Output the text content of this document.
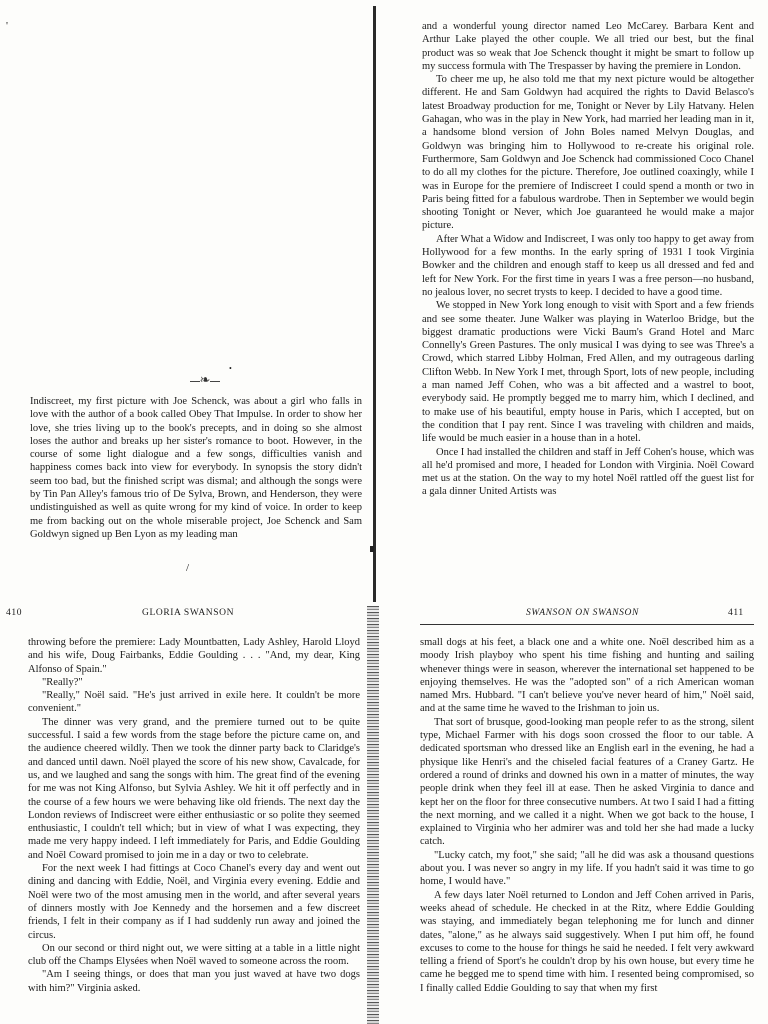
'
•
❧

Indiscreet, my first picture with Joe Schenck, was about a girl who falls in love with the author of a book called Obey That Impulse. In order to show her love, she tries living up to the book's precepts, and in doing so she almost loses the author and breaks up her sister's romance to boot. However, in the course of some light dialogue and a few songs, difficulties vanish and happiness comes back into view for everybody. In synopsis the story didn't seem too bad, but the finished script was dismal; and although the songs were by Tin Pan Alley's famous trio of De Sylva, Brown, and Henderson, they were undistinguished as well as quite wrong for my kind of voice. In order to keep me from backing out on the whole miserable project, Joe Schenck and Sam Goldwyn signed up Ben Lyon as my leading man

/

and a wonderful young director named Leo McCarey. Barbara Kent and Arthur Lake played the other couple. We all tried our best, but the final product was so weak that Joe Schenck thought it might be smart to follow up my success formula with The Trespasser by having the premiere in London.

To cheer me up, he also told me that my next picture would be altogether different. He and Sam Goldwyn had acquired the rights to David Belasco's latest Broadway production for me, Tonight or Never by Lily Hatvany. Helen Gahagan, who was in the play in New York, had married her leading man in it, a handsome blond version of John Boles named Melvyn Douglas, and Goldwyn was bringing him to Hollywood to re-create his original role. Furthermore, Sam Goldwyn and Joe Schenck had commissioned Coco Chanel to do all my clothes for the picture. Therefore, Joe outlined coaxingly, while I was in Europe for the premiere of Indiscreet I could spend a month or two in Paris being fitted for a fabulous wardrobe. Then in September we would begin shooting Tonight or Never, which Joe guaranteed he would make a major picture.

After What a Widow and Indiscreet, I was only too happy to get away from Hollywood for a few months. In the early spring of 1931 I took Virginia Bowker and the children and enough staff to keep us all dressed and fed and left for New York. For the first time in years I was a free person—no husband, no jealous lover, no secret trysts to keep. I decided to have a good time.

We stopped in New York long enough to visit with Sport and a few friends and see some theater. June Walker was playing in Waterloo Bridge, but the biggest dramatic productions were Vicki Baum's Grand Hotel and Marc Connelly's Green Pastures. The only musical I was dying to see was Three's a Crowd, which starred Libby Holman, Fred Allen, and my outrageous darling Clifton Webb. In New York I met, through Sport, lots of new people, including a man named Jeff Cohen, who was a bit affected and a wastrel to boot, everybody said. He promptly begged me to marry him, which I declined, and to make use of his beautiful, empty house in Paris, which I accepted, but on the condition that I pay rent. Since I was traveling with children and maids, life would be much easier in a house than in a hotel.

Once I had installed the children and staff in Jeff Cohen's house, which was all he'd promised and more, I headed for London with Virginia. Noël Coward met us at the station. On the way to my hotel Noël rattled off the guest list for a gala dinner United Artists was

410	GLORIA SWANSON

throwing before the premiere: Lady Mountbatten, Lady Ashley, Harold Lloyd and his wife, Doug Fairbanks, Eddie Goulding . . . "And, my dear, King Alfonso of Spain."

"Really?"

"Really," Noël said. "He's just arrived in exile here. It couldn't be more convenient."

The dinner was very grand, and the premiere turned out to be quite successful. I said a few words from the stage before the picture came on, and the audience cheered wildly. Then we took the dinner party back to Claridge's and danced until dawn. Noël played the score of his new show, Cavalcade, for us, and we laughed and sang the songs with him. The great find of the evening for me was not King Alfonso, but Sylvia Ashley. We hit it off perfectly and in the course of a few hours we were behaving like old friends. The next day the London reviews of Indiscreet were either enthusiastic or so polite they seemed enthusiastic, I couldn't tell which; but in view of what I was expecting, they made me very happy indeed. I left immediately for Paris, and Eddie Goulding and Noël Coward promised to join me in a day or two to celebrate.

For the next week I had fittings at Coco Chanel's every day and went out dining and dancing with Eddie, Noël, and Virginia every evening. Eddie and Noël were two of the most amusing men in the world, and after several years of dinners mostly with Joe Kennedy and the horsemen and a few discreet friends, I felt in their company as if I had suddenly run away and joined the circus.

On our second or third night out, we were sitting at a table in a little night club off the Champs Elysées when Noël waved to someone across the room.

"Am I seeing things, or does that man you just waved at have two dogs with him?" Virginia asked.

SWANSON ON SWANSON	411

small dogs at his feet, a black one and a white one. Noël described him as a moody Irish playboy who spent his time fishing and hunting and sailing whenever things were in season, wherever the international set happened to be enjoying themselves. He was the "adopted son" of a rich American woman named Mrs. Hubbard. "I can't believe you've never heard of him," Noël said, and at the same time he waved to the Irishman to join us.

That sort of brusque, good-looking man people refer to as the strong, silent type, Michael Farmer with his dogs soon crossed the floor to our table. A dedicated sportsman who dressed like an English earl in the evening, he had a physique like Henri's and the chiseled facial features of a Craney Gartz. He ordered a round of drinks and downed his own in a matter of minutes, the way people drink when they feel ill at ease. Then he asked Virginia to dance and kept her on the floor for three consecutive numbers. At two I said I had a fitting the next morning, and we called it a night. When we got back to the house, I explained to Virginia who her admirer was and told her she had made a lucky catch.

"Lucky catch, my foot," she said; "all he did was ask a thousand questions about you. I was never so angry in my life. If you hadn't said it was time to go home, I would have."

A few days later Noël returned to London and Jeff Cohen arrived in Paris, weeks ahead of schedule. He checked in at the Ritz, where Eddie Goulding was staying, and immediately began telephoning me for lunch and dinner dates, "alone," as he always said suggestively. When I put him off, he found excuses to come to the house for things he said he needed. I felt very awkward telling a friend of Sport's he couldn't drop by his own house, but every time he came he begged me to spend time with him. I resented being compromised, so I finally called Eddie Goulding to say that when my first
